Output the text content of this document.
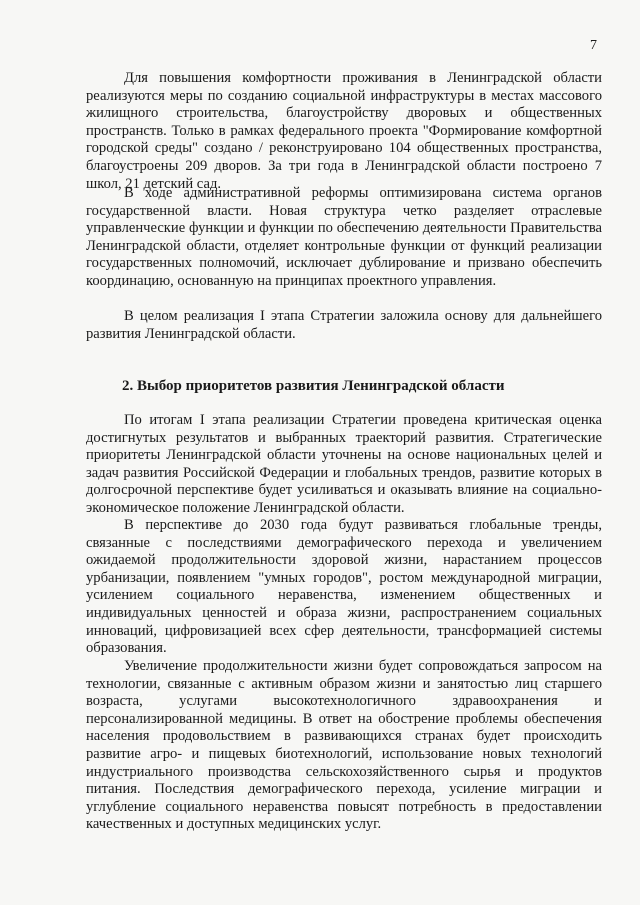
7

Для повышения комфортности проживания в Ленинградской области реализуются меры по созданию социальной инфраструктуры в местах массового жилищного строительства, благоустройству дворовых и общественных пространств. Только в рамках федерального проекта "Формирование комфортной городской среды" создано / реконструировано 104 общественных пространства, благоустроены 209 дворов. За три года в Ленинградской области построено 7 школ, 21 детский сад.

В ходе административной реформы оптимизирована система органов государственной власти. Новая структура четко разделяет отраслевые управленческие функции и функции по обеспечению деятельности Правительства Ленинградской области, отделяет контрольные функции от функций реализации государственных полномочий, исключает дублирование и призвано обеспечить координацию, основанную на принципах проектного управления.

В целом реализация I этапа Стратегии заложила основу для дальнейшего развития Ленинградской области.

2. Выбор приоритетов развития Ленинградской области

По итогам I этапа реализации Стратегии проведена критическая оценка достигнутых результатов и выбранных траекторий развития. Стратегические приоритеты Ленинградской области уточнены на основе национальных целей и задач развития Российской Федерации и глобальных трендов, развитие которых в долгосрочной перспективе будет усиливаться и оказывать влияние на социально-экономическое положение Ленинградской области.

В перспективе до 2030 года будут развиваться глобальные тренды, связанные с последствиями демографического перехода и увеличением ожидаемой продолжительности здоровой жизни, нарастанием процессов урбанизации, появлением "умных городов", ростом международной миграции, усилением социального неравенства, изменением общественных и индивидуальных ценностей и образа жизни, распространением социальных инноваций, цифровизацией всех сфер деятельности, трансформацией системы образования.

Увеличение продолжительности жизни будет сопровождаться запросом на технологии, связанные с активным образом жизни и занятостью лиц старшего возраста, услугами высокотехнологичного здравоохранения и персонализированной медицины. В ответ на обострение проблемы обеспечения населения продовольствием в развивающихся странах будет происходить развитие агро- и пищевых биотехнологий, использование новых технологий индустриального производства сельскохозяйственного сырья и продуктов питания. Последствия демографического перехода, усиление миграции и углубление социального неравенства повысят потребность в предоставлении качественных и доступных медицинских услуг.
